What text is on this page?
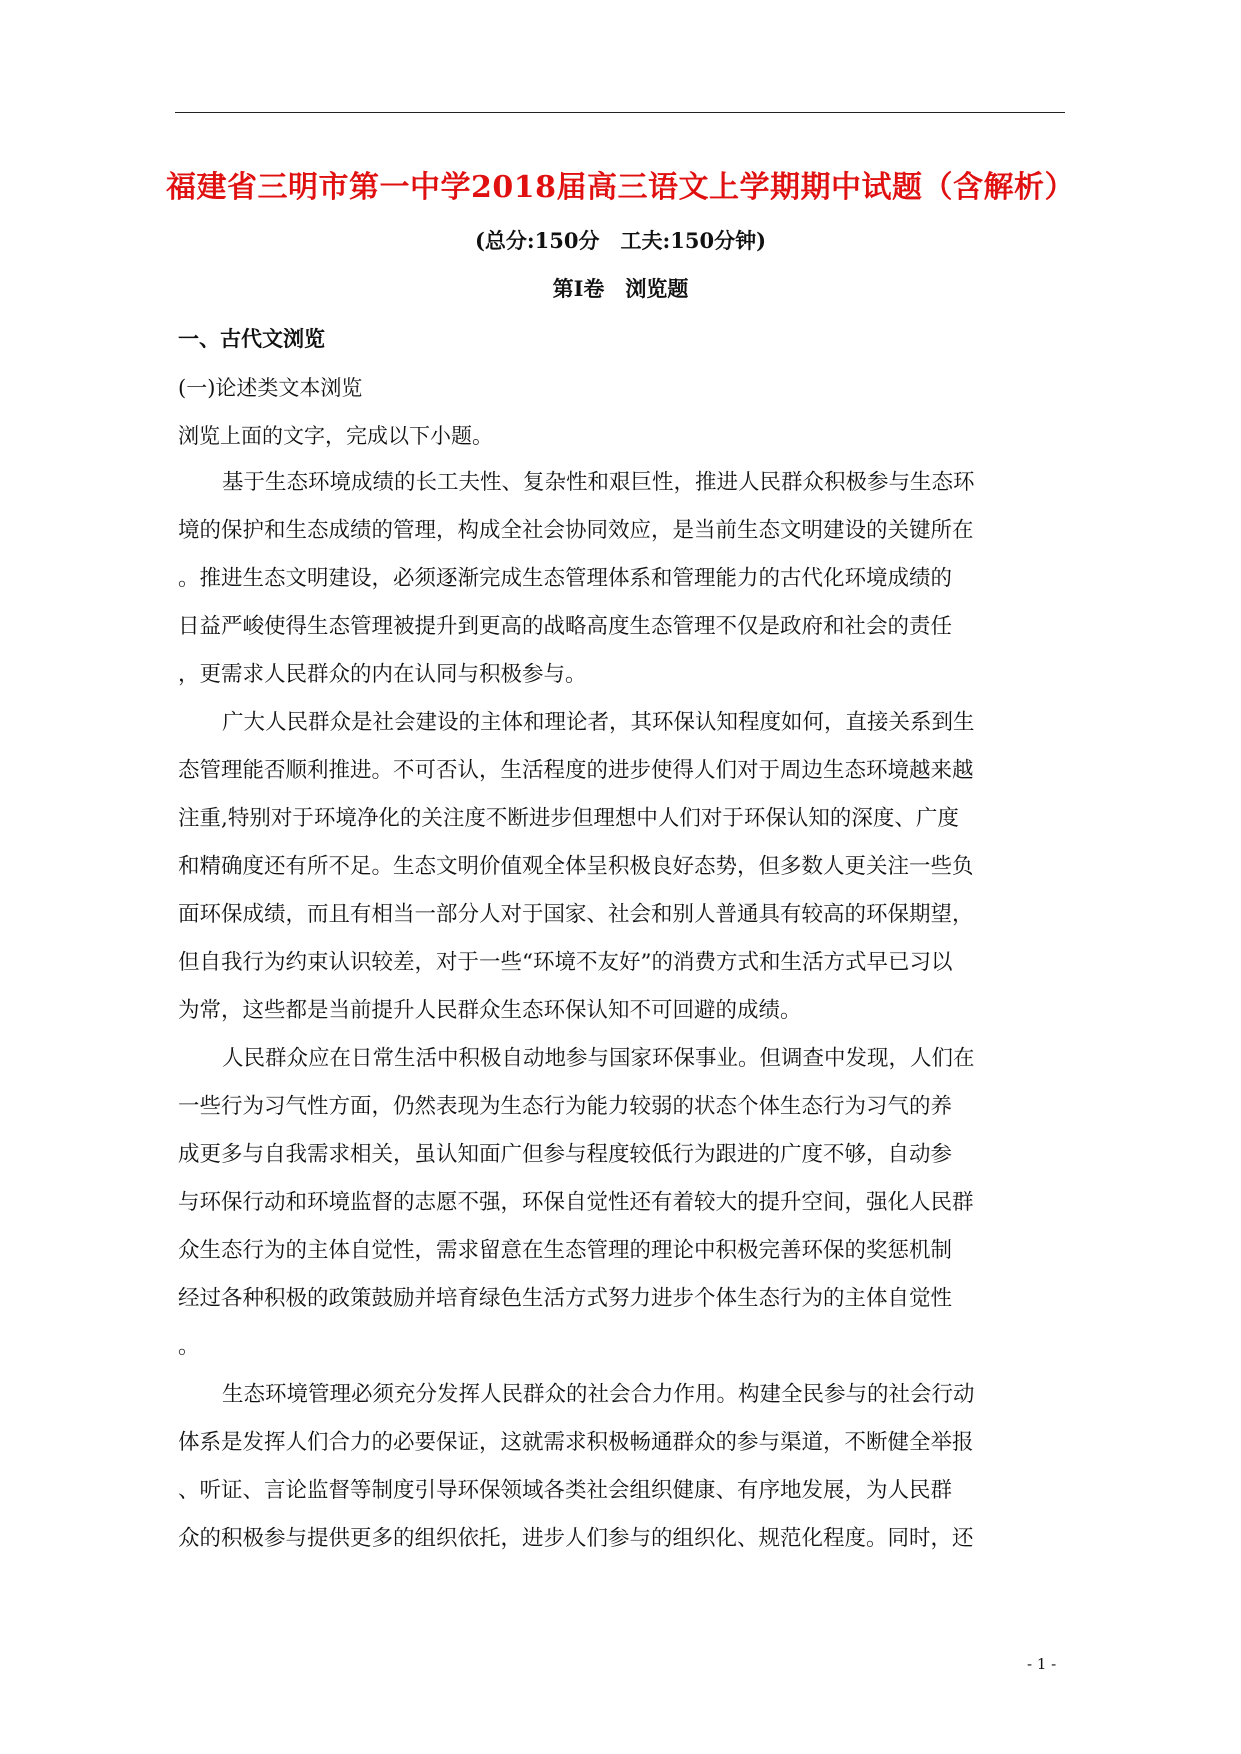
福建省三明市第一中学2018届高三语文上学期期中试题（含解析）
(总分:150分　工夫:150分钟)
第Ⅰ卷　浏览题
一、古代文浏览
(一)论述类文本浏览
浏览上面的文字，完成以下小题。
基于生态环境成绩的长工夫性、复杂性和艰巨性，推进人民群众积极参与生态环
境的保护和生态成绩的管理，构成全社会协同效应，是当前生态文明建设的关键所在
。推进生态文明建设，必须逐渐完成生态管理体系和管理能力的古代化环境成绩的
日益严峻使得生态管理被提升到更高的战略高度生态管理不仅是政府和社会的责任
，更需求人民群众的内在认同与积极参与。
广大人民群众是社会建设的主体和理论者，其环保认知程度如何，直接关系到生
态管理能否顺利推进。不可否认，生活程度的进步使得人们对于周边生态环境越来越
注重,特别对于环境净化的关注度不断进步但理想中人们对于环保认知的深度、广度
和精确度还有所不足。生态文明价值观全体呈积极良好态势，但多数人更关注一些负
面环保成绩，而且有相当一部分人对于国家、社会和别人普通具有较高的环保期望，
但自我行为约束认识较差，对于一些“环境不友好”的消费方式和生活方式早已习以
为常，这些都是当前提升人民群众生态环保认知不可回避的成绩。
人民群众应在日常生活中积极自动地参与国家环保事业。但调查中发现，人们在
一些行为习气性方面，仍然表现为生态行为能力较弱的状态个体生态行为习气的养
成更多与自我需求相关，虽认知面广但参与程度较低行为跟进的广度不够，自动参
与环保行动和环境监督的志愿不强，环保自觉性还有着较大的提升空间，强化人民群
众生态行为的主体自觉性，需求留意在生态管理的理论中积极完善环保的奖惩机制
经过各种积极的政策鼓励并培育绿色生活方式努力进步个体生态行为的主体自觉性
。
生态环境管理必须充分发挥人民群众的社会合力作用。构建全民参与的社会行动
体系是发挥人们合力的必要保证，这就需求积极畅通群众的参与渠道，不断健全举报
、听证、言论监督等制度引导环保领域各类社会组织健康、有序地发展，为人民群
众的积极参与提供更多的组织依托，进步人们参与的组织化、规范化程度。同时，还
- 1 -
